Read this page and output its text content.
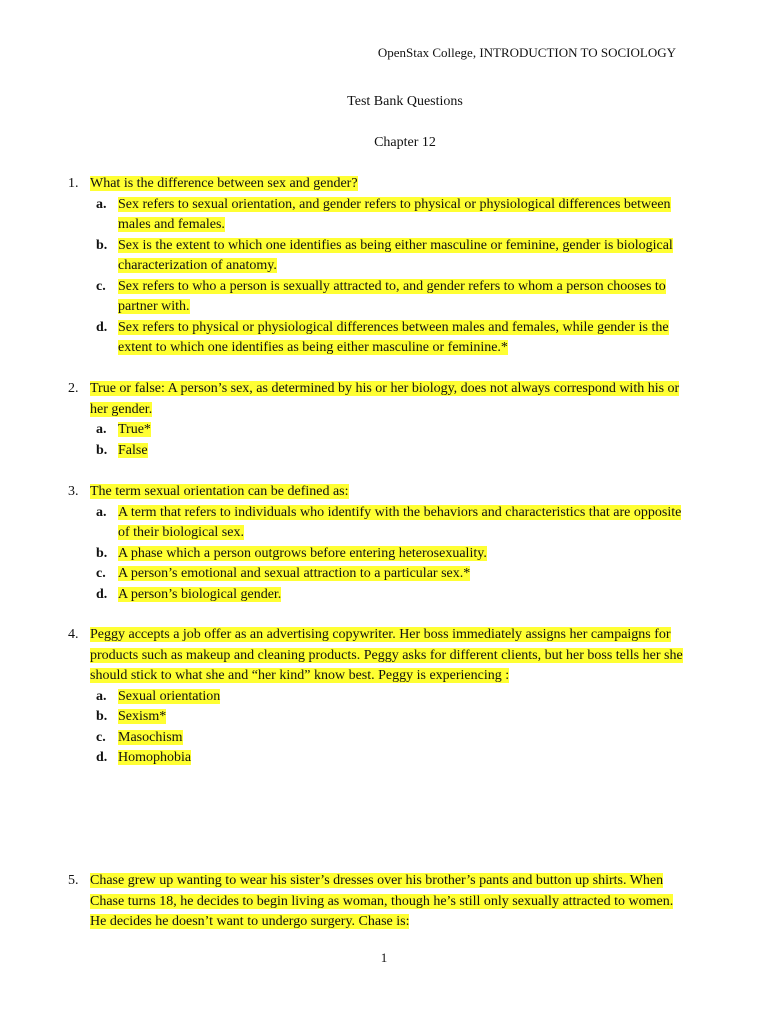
OpenStax College, INTRODUCTION TO SOCIOLOGY
Test Bank Questions
Chapter 12
1. What is the difference between sex and gender?
a. Sex refers to sexual orientation, and gender refers to physical or physiological differences between males and females.
b. Sex is the extent to which one identifies as being either masculine or feminine, gender is biological characterization of anatomy.
c. Sex refers to who a person is sexually attracted to, and gender refers to whom a person chooses to partner with.
d. Sex refers to physical or physiological differences between males and females, while gender is the extent to which one identifies as being either masculine or feminine.*
2. True or false: A person’s sex, as determined by his or her biology, does not always correspond with his or her gender.
a. True*
b. False
3. The term sexual orientation can be defined as:
a. A term that refers to individuals who identify with the behaviors and characteristics that are opposite of their biological sex.
b. A phase which a person outgrows before entering heterosexuality.
c. A person’s emotional and sexual attraction to a particular sex.*
d. A person’s biological gender.
4. Peggy accepts a job offer as an advertising copywriter. Her boss immediately assigns her campaigns for products such as makeup and cleaning products. Peggy asks for different clients, but her boss tells her she should stick to what she and “her kind” know best. Peggy is experiencing :
a. Sexual orientation
b. Sexism*
c. Masochism
d. Homophobia
5. Chase grew up wanting to wear his sister’s dresses over his brother’s pants and button up shirts. When Chase turns 18, he decides to begin living as woman, though he’s still only sexually attracted to women. He decides he doesn’t want to undergo surgery. Chase is:
1
